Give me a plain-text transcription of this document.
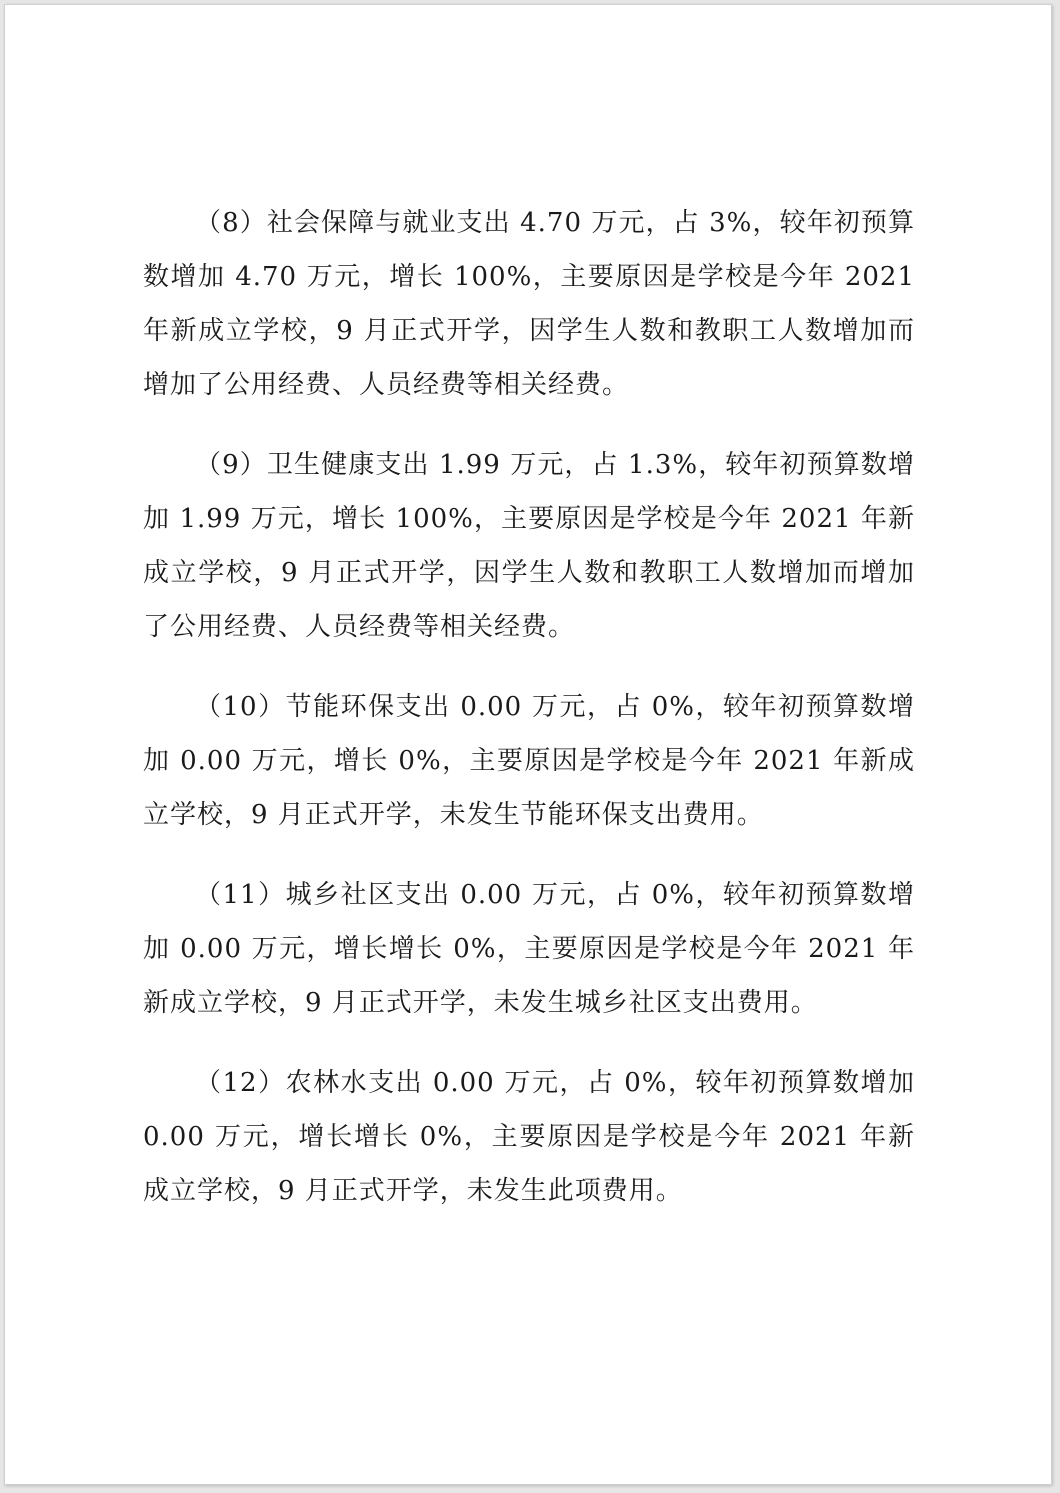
（8）社会保障与就业支出 4.70 万元，占 3%，较年初预算数增加 4.70 万元，增长 100%，主要原因是学校是今年 2021 年新成立学校，9 月正式开学，因学生人数和教职工人数增加而增加了公用经费、人员经费等相关经费。

（9）卫生健康支出 1.99 万元，占 1.3%，较年初预算数增加 1.99 万元，增长 100%，主要原因是学校是今年 2021 年新成立学校，9 月正式开学，因学生人数和教职工人数增加而增加了公用经费、人员经费等相关经费。

（10）节能环保支出 0.00 万元，占 0%，较年初预算数增加 0.00 万元，增长 0%，主要原因是学校是今年 2021 年新成立学校，9 月正式开学，未发生节能环保支出费用。

（11）城乡社区支出 0.00 万元，占 0%，较年初预算数增加 0.00 万元，增长增长 0%，主要原因是学校是今年 2021 年新成立学校，9 月正式开学，未发生城乡社区支出费用。

（12）农林水支出 0.00 万元，占 0%，较年初预算数增加 0.00 万元，增长增长 0%，主要原因是学校是今年 2021 年新成立学校，9 月正式开学，未发生此项费用。
